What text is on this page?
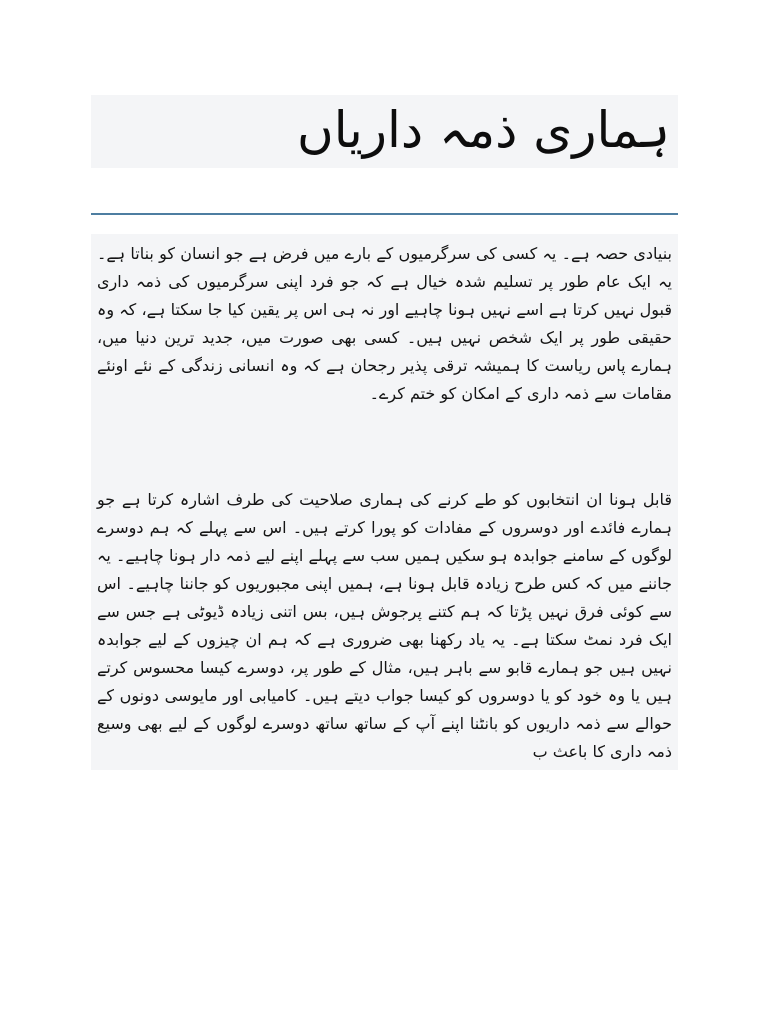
ہماری ذمہ داریاں

بنیادی حصہ ہے۔ یہ کسی کی سرگرمیوں کے بارے میں فرض ہے جو انسان کو بناتا ہے۔ یہ ایک عام طور پر تسلیم شدہ خیال ہے کہ جو فرد اپنی سرگرمیوں کی ذمہ داری قبول نہیں کرتا ہے اسے نہیں ہونا چاہیے اور نہ ہی اس پر یقین کیا جا سکتا ہے، کہ وہ حقیقی طور پر ایک شخص نہیں ہیں۔ کسی بھی صورت میں، جدید ترین دنیا میں، ہمارے پاس ریاست کا ہمیشہ ترقی پذیر رجحان ہے کہ وہ انسانی زندگی کے نئے اونئے مقامات سے ذمہ داری کے امکان کو ختم کرے۔

قابل ہونا ان انتخابوں کو طے کرنے کی ہماری صلاحیت کی طرف اشارہ کرتا ہے جو ہمارے فائدے اور دوسروں کے مفادات کو پورا کرتے ہیں۔ اس سے پہلے کہ ہم دوسرے لوگوں کے سامنے جوابدہ ہو سکیں ہمیں سب سے پہلے اپنے لیے ذمہ دار ہونا چاہیے۔ یہ جاننے میں کہ کس طرح زیادہ قابل ہونا ہے، ہمیں اپنی مجبوریوں کو جاننا چاہیے۔ اس سے کوئی فرق نہیں پڑتا کہ ہم کتنے پرجوش ہیں، بس اتنی زیادہ ڈیوٹی ہے جس سے ایک فرد نمٹ سکتا ہے۔ یہ یاد رکھنا بھی ضروری ہے کہ ہم ان چیزوں کے لیے جوابدہ نہیں ہیں جو ہمارے قابو سے باہر ہیں، مثال کے طور پر، دوسرے کیسا محسوس کرتے ہیں یا وہ خود کو یا دوسروں کو کیسا جواب دیتے ہیں۔ کامیابی اور مایوسی دونوں کے حوالے سے ذمہ داریوں کو بانٹنا اپنے آپ کے ساتھ ساتھ دوسرے لوگوں کے لیے بھی وسیع ذمہ داری کا باعث ب
